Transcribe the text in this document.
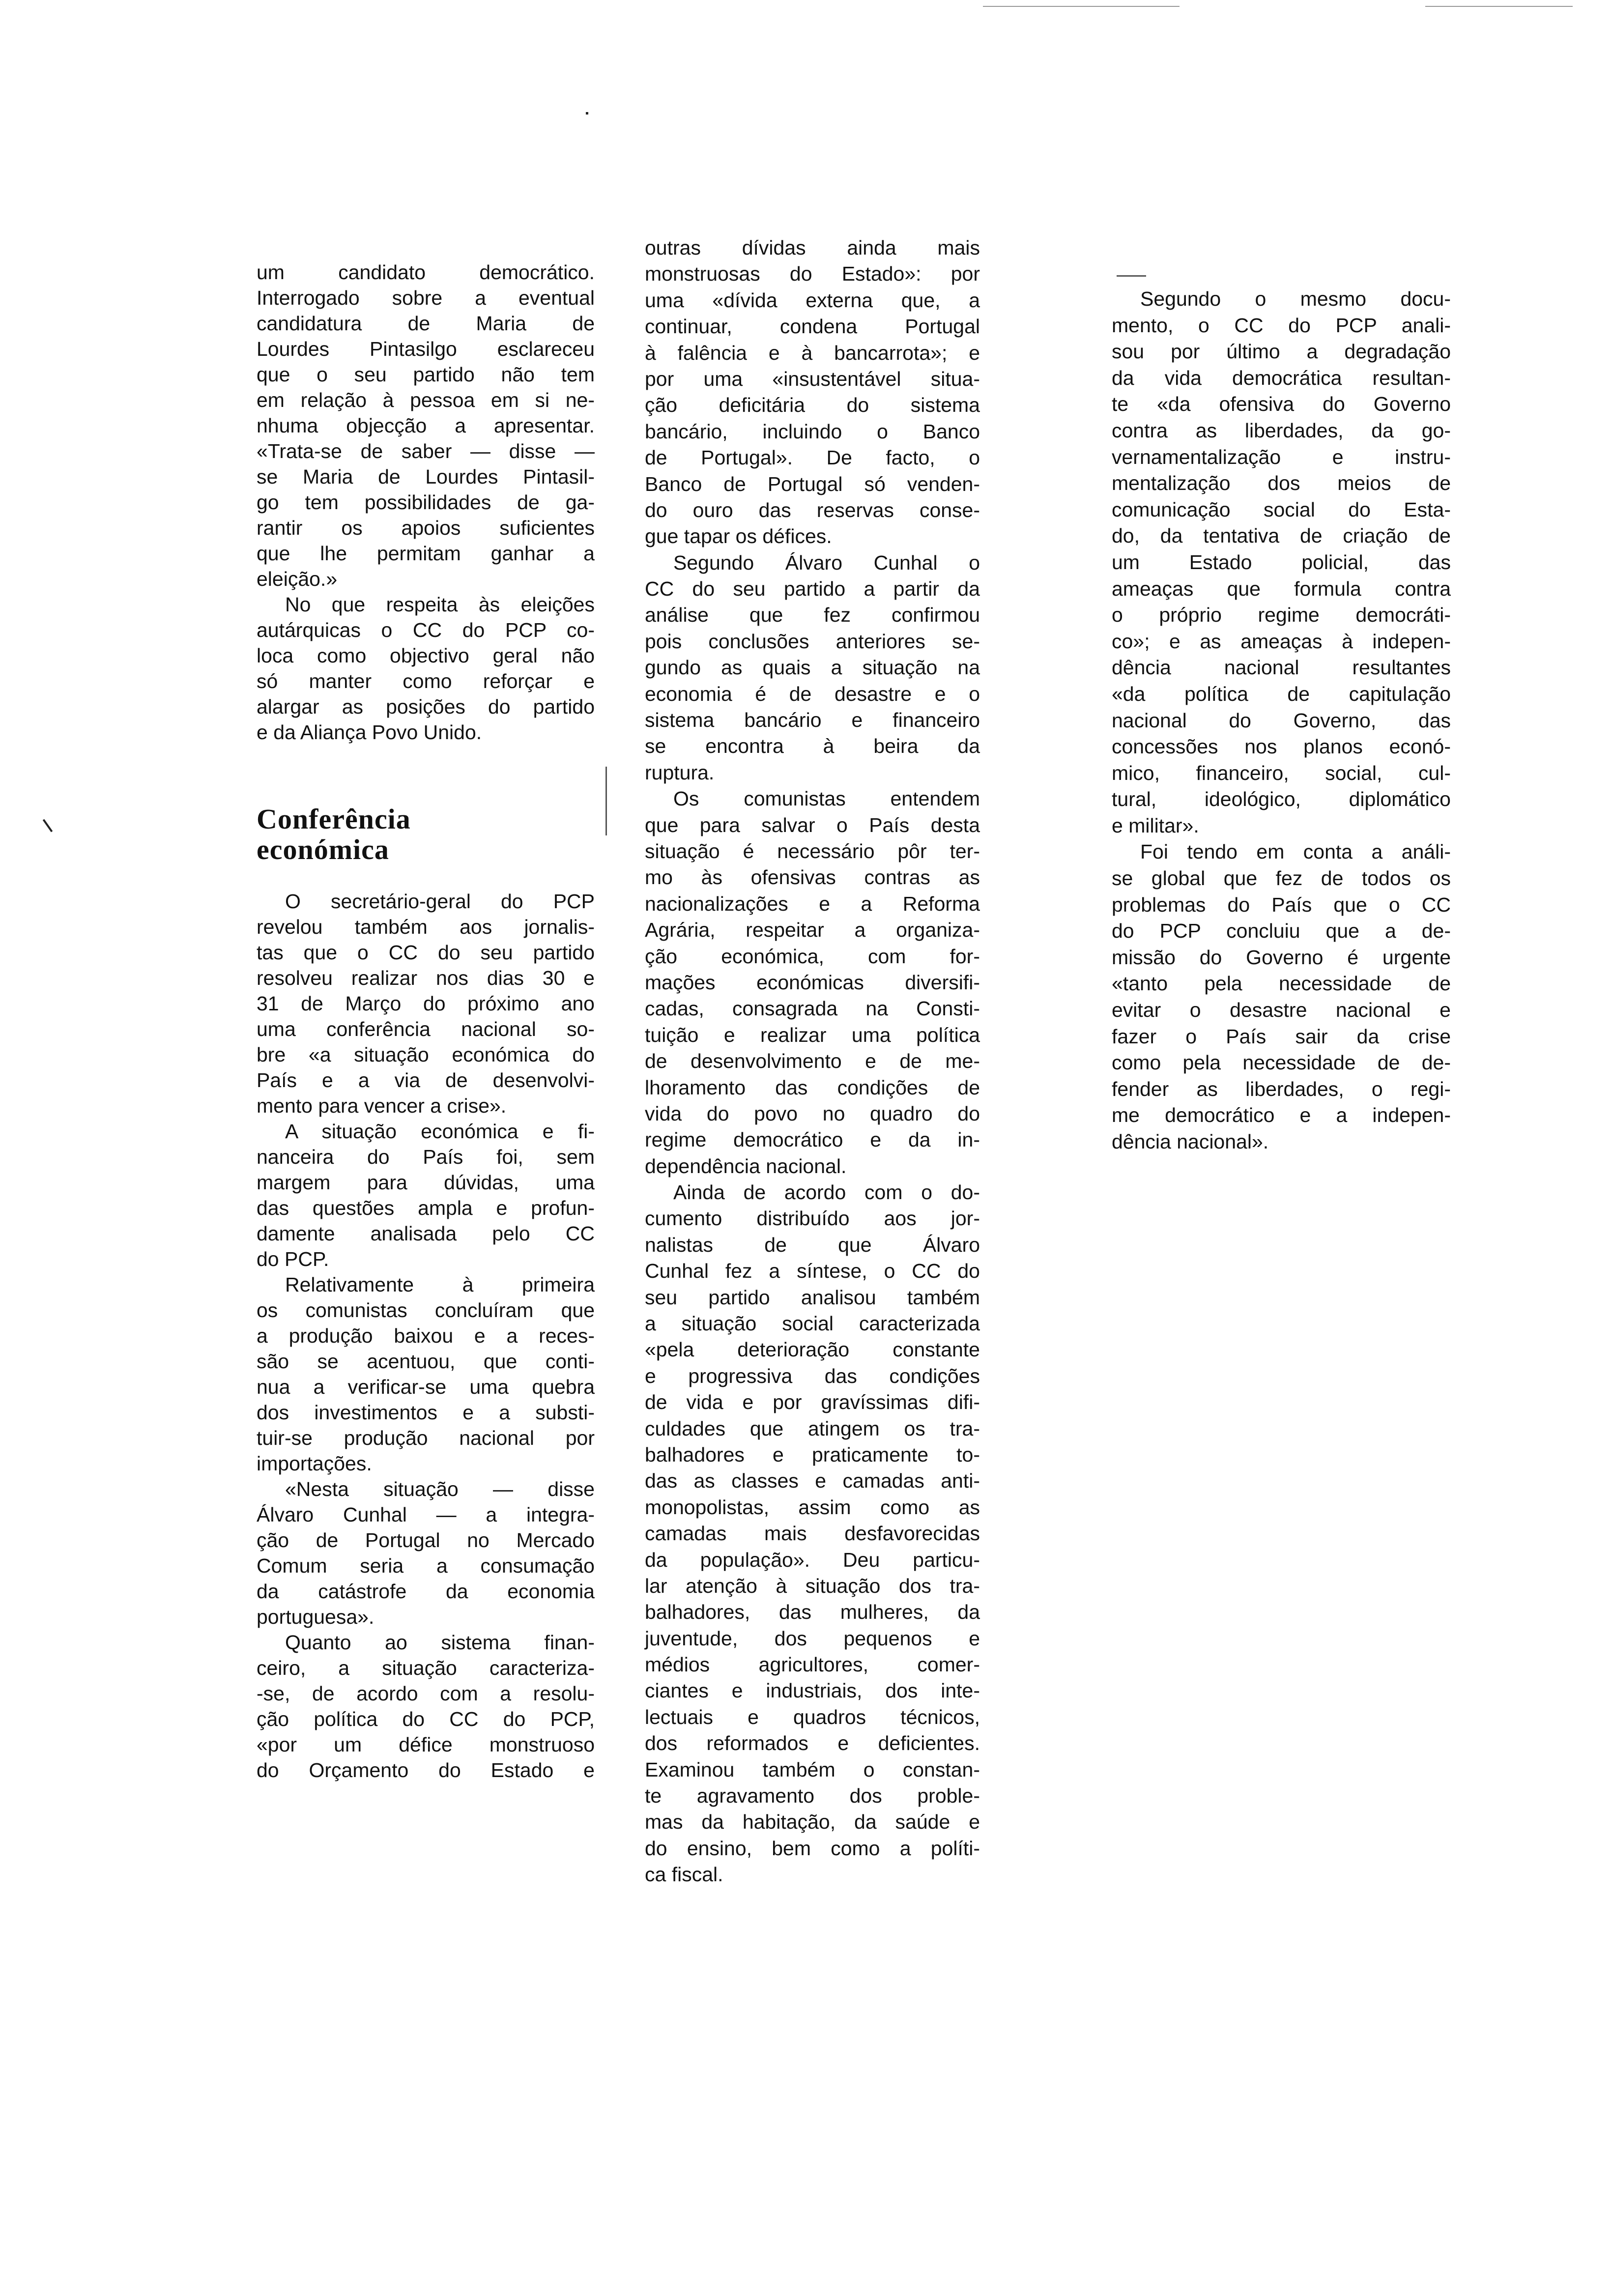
um candidato democrático.
Interrogado sobre a eventual
candidatura de Maria de
Lourdes Pintasilgo esclareceu
que o seu partido não tem
em relação à pessoa em si ne-
nhuma objecção a apresentar.
«Trata-se de saber — disse —
se Maria de Lourdes Pintasil-
go tem possibilidades de ga-
rantir os apoios suficientes
que lhe permitam ganhar a
eleição.»
No que respeita às eleições
autárquicas o CC do PCP co-
loca como objectivo geral não
só manter como reforçar e
alargar as posições do partido
e da Aliança Povo Unido.
Conferência
económica
O secretário-geral do PCP
revelou também aos jornalis-
tas que o CC do seu partido
resolveu realizar nos dias 30 e
31 de Março do próximo ano
uma conferência nacional so-
bre «a situação económica do
País e a via de desenvolvi-
mento para vencer a crise».
A situação económica e fi-
nanceira do País foi, sem
margem para dúvidas, uma
das questões ampla e profun-
damente analisada pelo CC
do PCP.
Relativamente à primeira
os comunistas concluíram que
a produção baixou e a reces-
são se acentuou, que conti-
nua a verificar-se uma quebra
dos investimentos e a substi-
tuir-se produção nacional por
importações.
«Nesta situação — disse
Álvaro Cunhal — a integra-
ção de Portugal no Mercado
Comum seria a consumação
da catástrofe da economia
portuguesa».
Quanto ao sistema finan-
ceiro, a situação caracteriza-
-se, de acordo com a resolu-
ção política do CC do PCP,
«por um défice monstruoso
do Orçamento do Estado e
outras dívidas ainda mais
monstruosas do Estado»: por
uma «dívida externa que, a
continuar, condena Portugal
à falência e à bancarrota»; e
por uma «insustentável situa-
ção deficitária do sistema
bancário, incluindo o Banco
de Portugal». De facto, o
Banco de Portugal só venden-
do ouro das reservas conse-
gue tapar os défices.
Segundo Álvaro Cunhal o
CC do seu partido a partir da
análise que fez confirmou
pois conclusões anteriores se-
gundo as quais a situação na
economia é de desastre e o
sistema bancário e financeiro
se encontra à beira da
ruptura.
Os comunistas entendem
que para salvar o País desta
situação é necessário pôr ter-
mo às ofensivas contras as
nacionalizações e a Reforma
Agrária, respeitar a organiza-
ção económica, com for-
mações económicas diversifi-
cadas, consagrada na Consti-
tuição e realizar uma política
de desenvolvimento e de me-
lhoramento das condições de
vida do povo no quadro do
regime democrático e da in-
dependência nacional.
Ainda de acordo com o do-
cumento distribuído aos jor-
nalistas de que Álvaro
Cunhal fez a síntese, o CC do
seu partido analisou também
a situação social caracterizada
«pela deterioração constante
e progressiva das condições
de vida e por gravíssimas difi-
culdades que atingem os tra-
balhadores e praticamente to-
das as classes e camadas anti-
monopolistas, assim como as
camadas mais desfavorecidas
da população». Deu particu-
lar atenção à situação dos tra-
balhadores, das mulheres, da
juventude, dos pequenos e
médios agricultores, comer-
ciantes e industriais, dos inte-
lectuais e quadros técnicos,
dos reformados e deficientes.
Examinou também o constan-
te agravamento dos proble-
mas da habitação, da saúde e
do ensino, bem como a políti-
ca fiscal.
Segundo o mesmo docu-
mento, o CC do PCP anali-
sou por último a degradação
da vida democrática resultan-
te «da ofensiva do Governo
contra as liberdades, da go-
vernamentalização e instru-
mentalização dos meios de
comunicação social do Esta-
do, da tentativa de criação de
um Estado policial, das
ameaças que formula contra
o próprio regime democráti-
co»; e as ameaças à indepen-
dência nacional resultantes
«da política de capitulação
nacional do Governo, das
concessões nos planos econó-
mico, financeiro, social, cul-
tural, ideológico, diplomático
e militar».
Foi tendo em conta a análi-
se global que fez de todos os
problemas do País que o CC
do PCP concluiu que a de-
missão do Governo é urgente
«tanto pela necessidade de
evitar o desastre nacional e
fazer o País sair da crise
como pela necessidade de de-
fender as liberdades, o regi-
me democrático e a indepen-
dência nacional».
